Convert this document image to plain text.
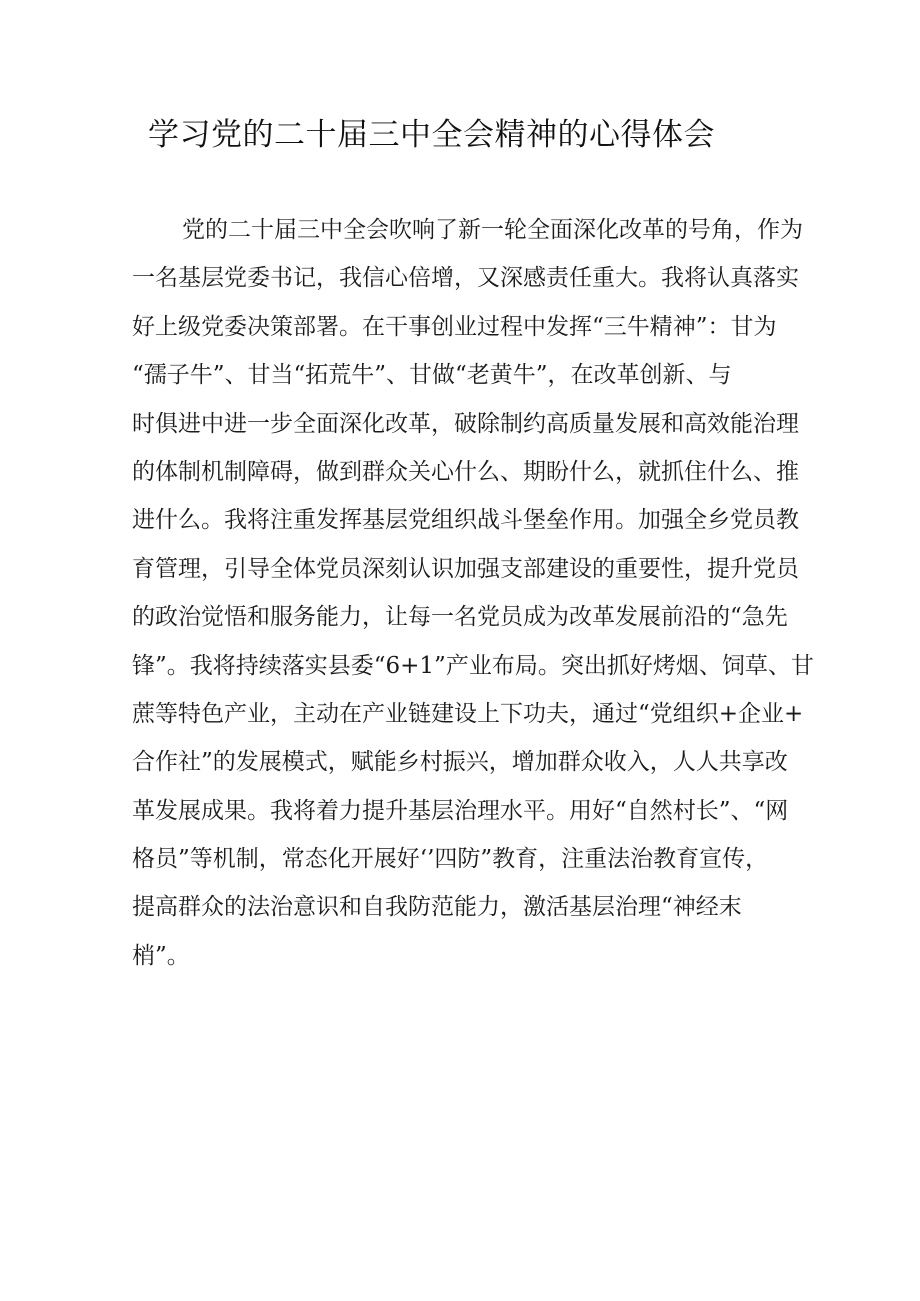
学习党的二十届三中全会精神的心得体会
党的二十届三中全会吹响了新一轮全面深化改革的号角，作为
一名基层党委书记，我信心倍增，又深感责任重大。我将认真落实
好上级党委决策部署。在干事创业过程中发挥“三牛精神”：甘为
“孺子牛”、甘当“拓荒牛”、甘做“老黄牛”，在改革创新、与
时俱进中进一步全面深化改革，破除制约高质量发展和高效能治理
的体制机制障碍，做到群众关心什么、期盼什么，就抓住什么、推
进什么。我将注重发挥基层党组织战斗堡垒作用。加强全乡党员教
育管理，引导全体党员深刻认识加强支部建设的重要性，提升党员
的政治觉悟和服务能力，让每一名党员成为改革发展前沿的“急先
锋”。我将持续落实县委“6+1”产业布局。突出抓好烤烟、饲草、甘
蔗等特色产业，主动在产业链建设上下功夫，通过“党组织+企业+
合作社”的发展模式，赋能乡村振兴，增加群众收入，人人共享改
革发展成果。我将着力提升基层治理水平。用好“自然村长”、“网
格员”等机制，常态化开展好‘’四防”教育，注重法治教育宣传，
提高群众的法治意识和自我防范能力，激活基层治理“神经末
梢”。
